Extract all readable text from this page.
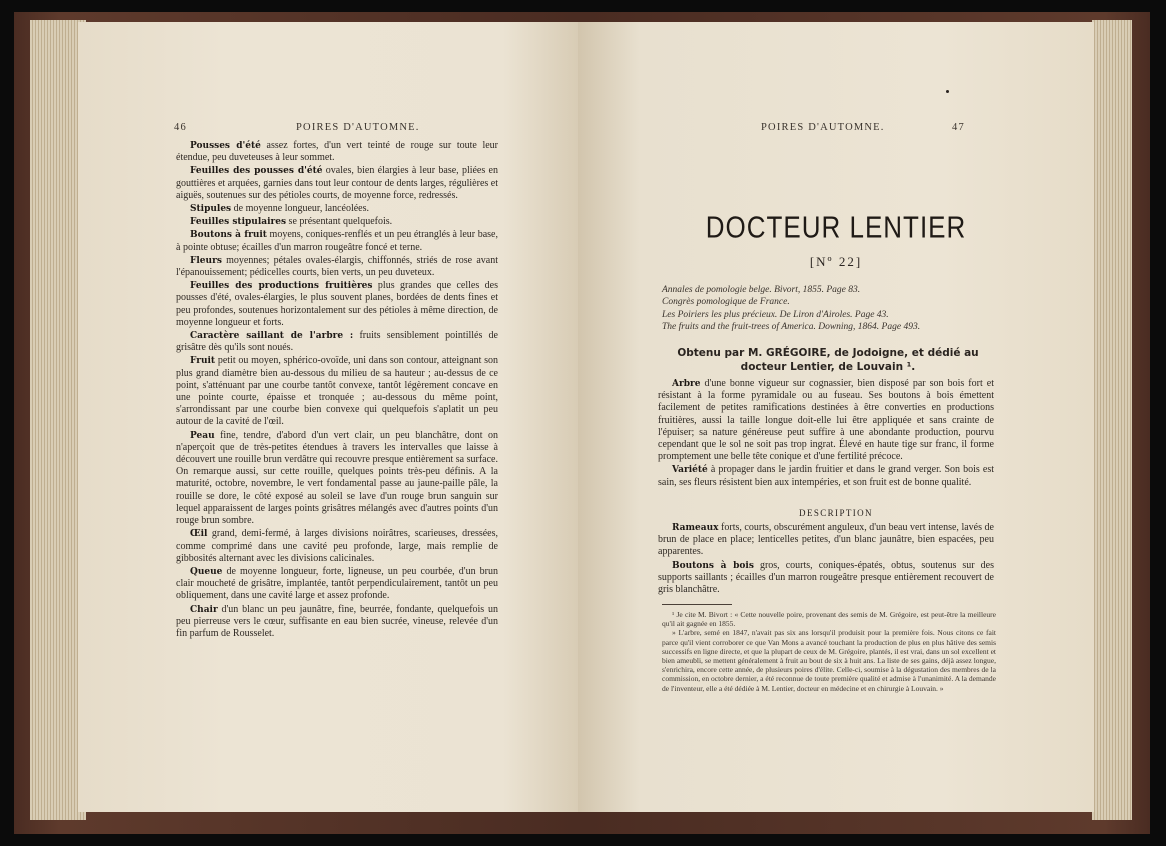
46	POIRES D'AUTOMNE.

Pousses d'été assez fortes, d'un vert teinté de rouge sur toute leur étendue, peu duveteuses à leur sommet.

Feuilles des pousses d'été ovales, bien élargies à leur base, pliées en gouttières et arquées, garnies dans tout leur contour de dents larges, régulières et aiguës, soutenues sur des pétioles courts, de moyenne force, redressés.

Stipules de moyenne longueur, lancéolées.

Feuilles stipulaires se présentant quelquefois.

Boutons à fruit moyens, coniques-renflés et un peu étranglés à leur base, à pointe obtuse; écailles d'un marron rougeâtre foncé et terne.

Fleurs moyennes; pétales ovales-élargis, chiffonnés, striés de rose avant l'épanouissement; pédicelles courts, bien verts, un peu duveteux.

Feuilles des productions fruitières plus grandes que celles des pousses d'été, ovales-élargies, le plus souvent planes, bordées de dents fines et peu profondes, soutenues horizontalement sur des pétioles à même direction, de moyenne longueur et forts.

Caractère saillant de l'arbre : fruits sensiblement pointillés de grisâtre dès qu'ils sont noués.

Fruit petit ou moyen, sphérico-ovoïde, uni dans son contour, atteignant son plus grand diamètre bien au-dessous du milieu de sa hauteur ; au-dessus de ce point, s'atténuant par une courbe tantôt convexe, tantôt légèrement concave en une pointe courte, épaisse et tronquée ; au-dessous du même point, s'arrondissant par une courbe bien convexe qui quelquefois s'aplatit un peu autour de la cavité de l'œil.

Peau fine, tendre, d'abord d'un vert clair, un peu blanchâtre, dont on n'aperçoit que de très-petites étendues à travers les intervalles que laisse à découvert une rouille brun verdâtre qui recouvre presque entièrement sa surface. On remarque aussi, sur cette rouille, quelques points très-peu définis. A la maturité, octobre, novembre, le vert fondamental passe au jaune-paille pâle, la rouille se dore, le côté exposé au soleil se lave d'un rouge brun sanguin sur lequel apparaissent de larges points grisâtres mélangés avec d'autres points d'un rouge brun sombre.

Œil grand, demi-fermé, à larges divisions noirâtres, scarieuses, dressées, comme comprimé dans une cavité peu profonde, large, mais remplie de gibbosités alternant avec les divisions calicinales.

Queue de moyenne longueur, forte, ligneuse, un peu courbée, d'un brun clair moucheté de grisâtre, implantée, tantôt perpendiculairement, tantôt un peu obliquement, dans une cavité large et assez profonde.

Chair d'un blanc un peu jaunâtre, fine, beurrée, fondante, quelquefois un peu pierreuse vers le cœur, suffisante en eau bien sucrée, vineuse, relevée d'un fin parfum de Rousselet.

POIRES D'AUTOMNE.	47
DOCTEUR LENTIER
[Nº 22]
Annales de pomologie belge. Bivort, 1855. Page 83.
Congrès pomologique de France.
Les Poiriers les plus précieux. De Liron d'Airoles. Page 43.
The fruits and the fruit-trees of America. Downing, 1864. Page 493.
Obtenu par M. GRÉGOIRE, de Jodoigne, et dédié au docteur Lentier, de Louvain ¹.

Arbre d'une bonne vigueur sur cognassier, bien disposé par son bois fort et résistant à la forme pyramidale ou au fuseau. Ses boutons à bois émettent facilement de petites ramifications destinées à être converties en productions fruitières, aussi la taille longue doit-elle lui être appliquée et sans crainte de l'épuiser; sa nature généreuse peut suffire à une abondante production, pourvu cependant que le sol ne soit pas trop ingrat. Élevé en haute tige sur franc, il forme promptement une belle tête conique et d'une fertilité précoce.

Variété à propager dans le jardin fruitier et dans le grand verger. Son bois est sain, ses fleurs résistent bien aux intempéries, et son fruit est de bonne qualité.

DESCRIPTION

Rameaux forts, courts, obscurément anguleux, d'un beau vert intense, lavés de brun de place en place; lenticelles petites, d'un blanc jaunâtre, bien espacées, peu apparentes.

Boutons à bois gros, courts, coniques-épatés, obtus, soutenus sur des supports saillants ; écailles d'un marron rougeâtre presque entièrement recouvert de gris blanchâtre.

¹ Je cite M. Bivort : « Cette nouvelle poire, provenant des semis de M. Grégoire, est peut-être la meilleure qu'il ait gagnée en 1855.

» L'arbre, semé en 1847, n'avait pas six ans lorsqu'il produisit pour la première fois. Nous citons ce fait parce qu'il vient corroborer ce que Van Mons a avancé touchant la production de plus en plus hâtive des semis successifs en ligne directe, et que la plupart de ceux de M. Grégoire, plantés, il est vrai, dans un sol excellent et bien ameubli, se mettent généralement à fruit au bout de six à huit ans. La liste de ses gains, déjà assez longue, s'enrichira, encore cette année, de plusieurs poires d'élite. Celle-ci, soumise à la dégustation des membres de la commission, en octobre dernier, a été reconnue de toute première qualité et admise à l'unanimité. A la demande de l'inventeur, elle a été dédiée à M. Lentier, docteur en médecine et en chirurgie à Louvain. »
